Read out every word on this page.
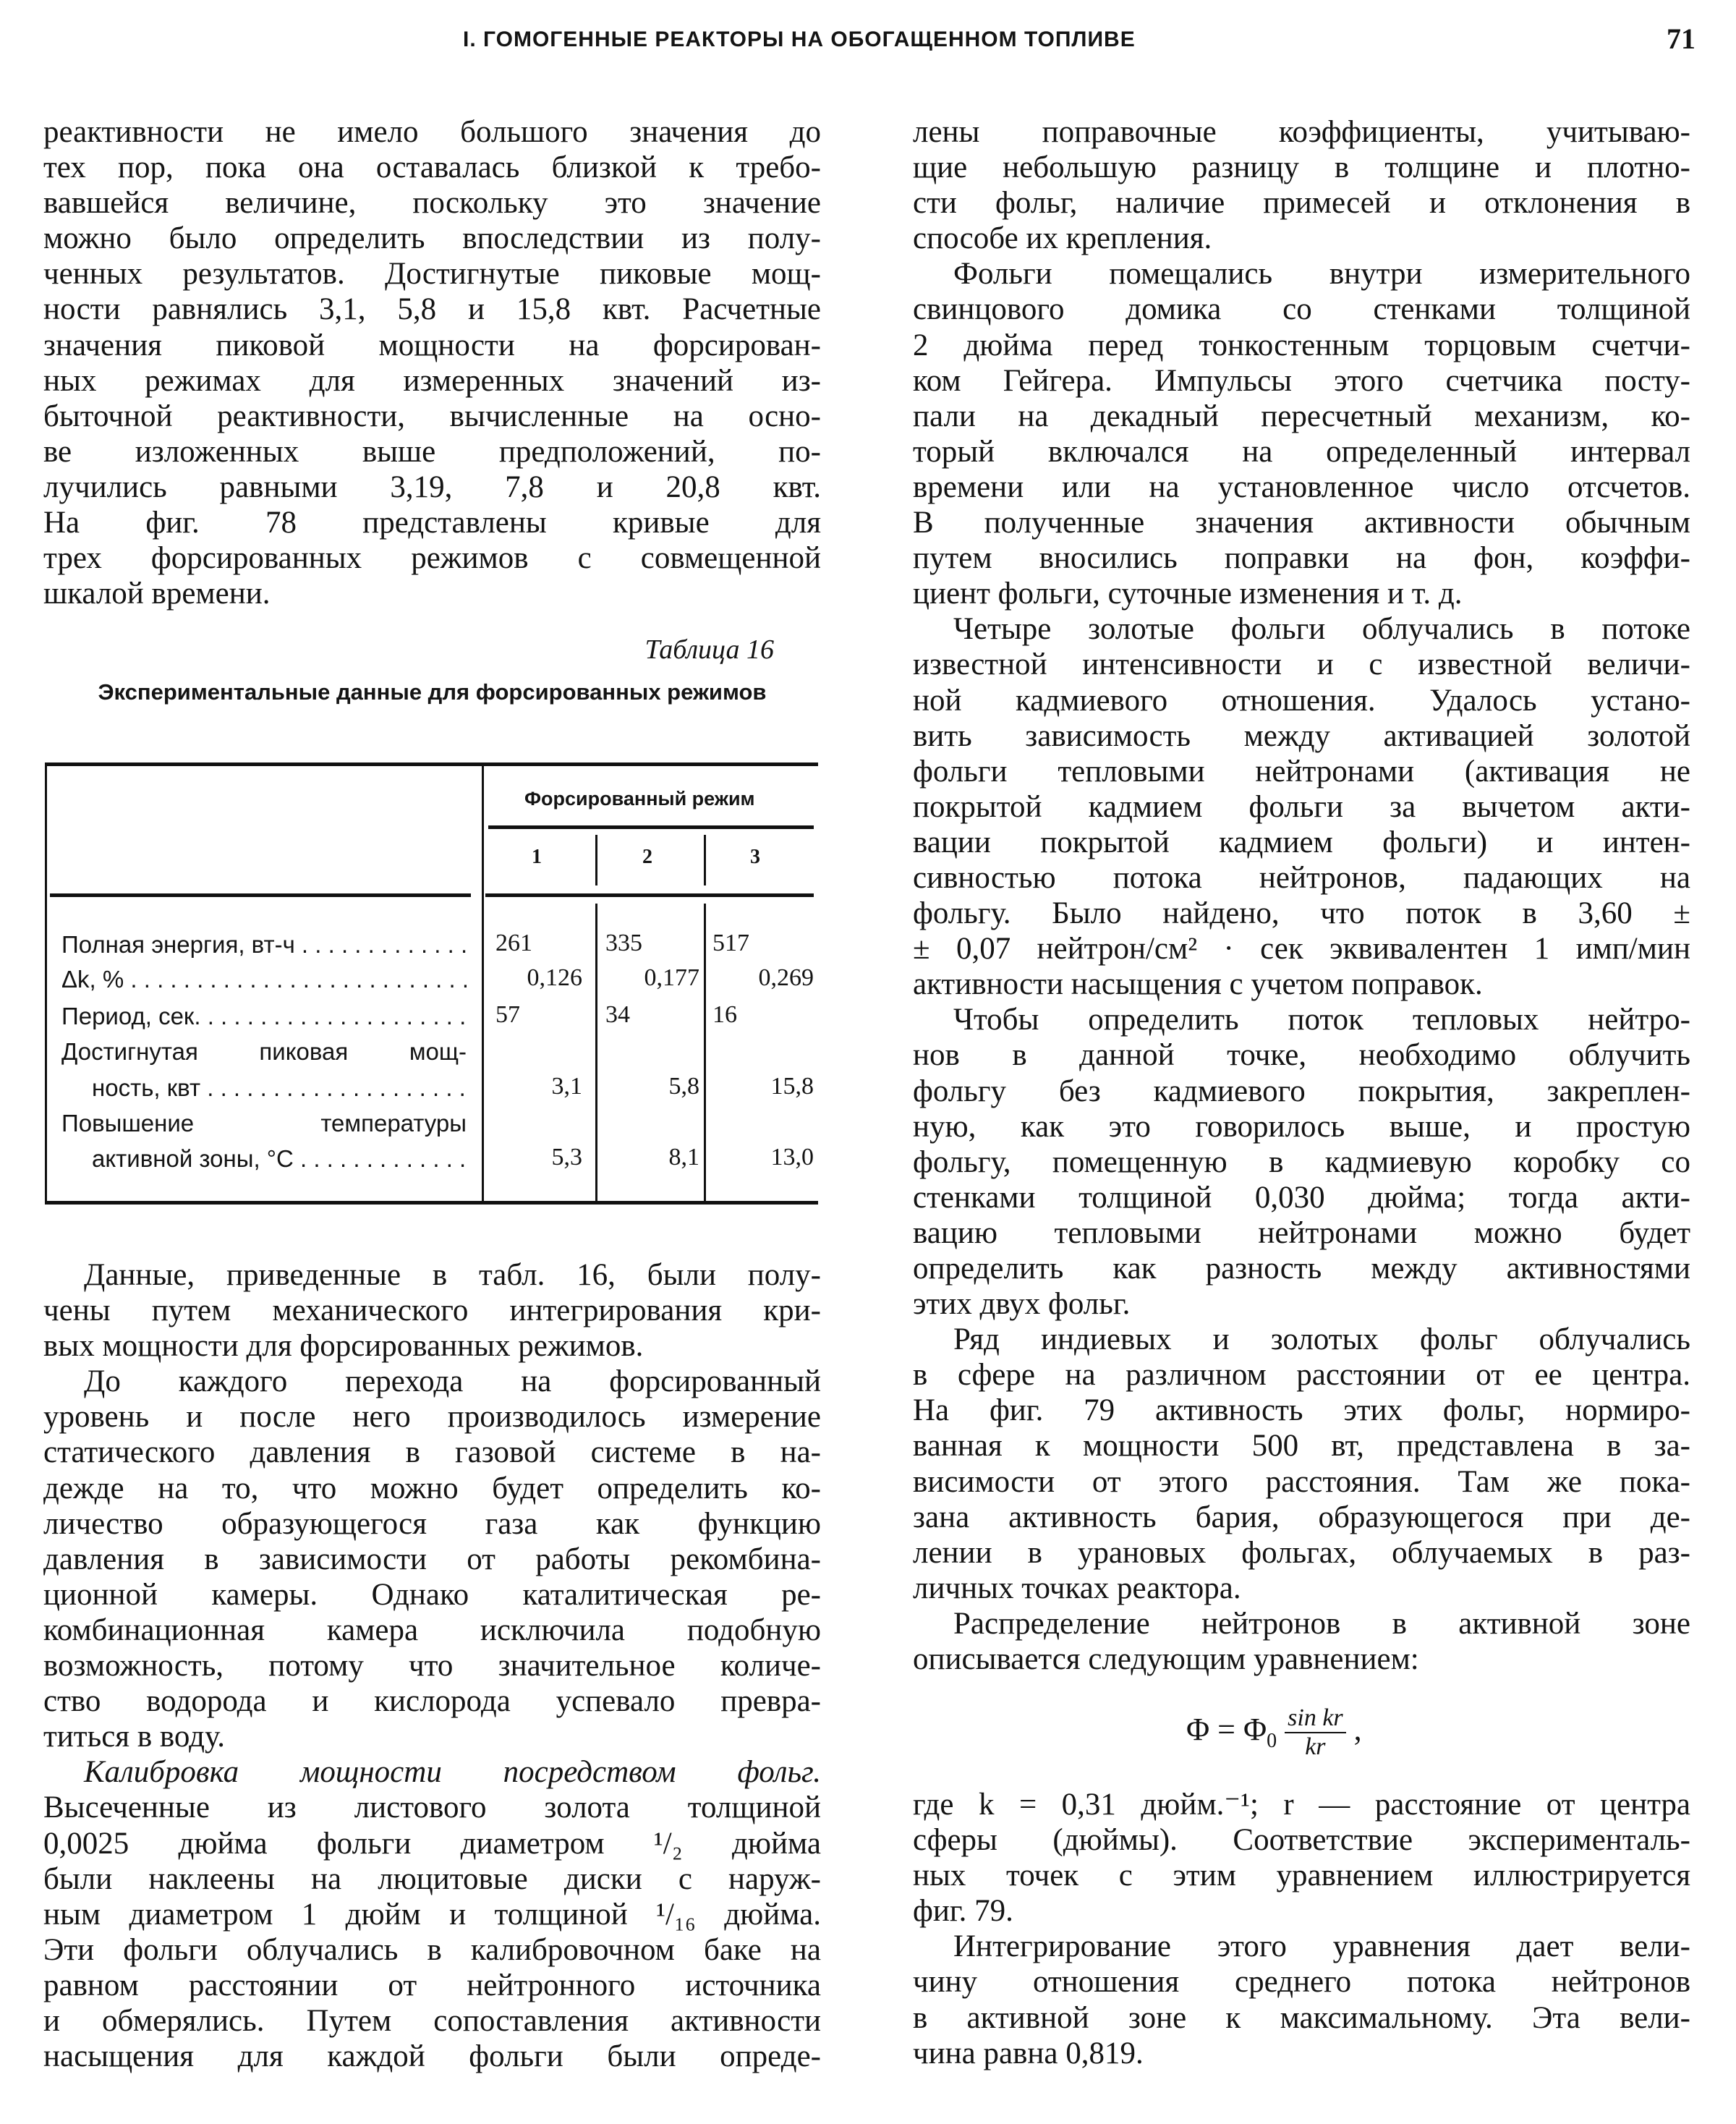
I. ГОМОГЕННЫЕ РЕАКТОРЫ НА ОБОГАЩЕННОМ ТОПЛИВЕ	71
реактивности не имело большого значения до
тех пор, пока она оставалась близкой к требо-
вавшейся величине, поскольку это значение
можно было определить впоследствии из полу-
ченных результатов. Достигнутые пиковые мощ-
ности равнялись 3,1, 5,8 и 15,8 квт. Расчетные
значения пиковой мощности на форсирован-
ных режимах для измеренных значений из-
быточной реактивности, вычисленные на осно-
ве изложенных выше предположений, по-
лучились равными 3,19, 7,8 и 20,8 квт.
На фиг. 78 представлены кривые для
трех форсированных режимов с совмещенной
шкалой времени.
Таблица 16
Экспериментальные данные для форсированных режимов
Форсированный режим
1	2	3
Полная энергия, вт-ч . . .	261	335	517
Δk, % . . .	0,126	0,177	0,269
Период, сек. . . .	57	34	16
Достигнутая пиковая мощ-
ность, квт . . .	3,1	5,8	15,8
Повышение температуры
активной зоны, °С . . .	5,3	8,1	13,0
Данные, приведенные в табл. 16, были полу-
чены путем механического интегрирования кри-
вых мощности для форсированных режимов.
До каждого перехода на форсированный
уровень и после него производилось измерение
статического давления в газовой системе в на-
дежде на то, что можно будет определить ко-
личество образующегося газа как функцию
давления в зависимости от работы рекомбина-
ционной камеры. Однако каталитическая ре-
комбинационная камера исключила подобную
возможность, потому что значительное количе-
ство водорода и кислорода успевало превра-
титься в воду.
Калибровка мощности посредством фольг.
Высеченные из листового золота толщиной
0,0025 дюйма фольги диаметром ¹/₂ дюйма
были наклеены на люцитовые диски с наруж-
ным диаметром 1 дюйм и толщиной ¹/₁₆ дюйма.
Эти фольги облучались в калибровочном баке на
равном расстоянии от нейтронного источника
и обмерялись. Путем сопоставления активности
насыщения для каждой фольги были опреде-
лены поправочные коэффициенты, учитываю-
щие небольшую разницу в толщине и плотно-
сти фольг, наличие примесей и отклонения в
способе их крепления.
Фольги помещались внутри измерительного
свинцового домика со стенками толщиной
2 дюйма перед тонкостенным торцовым счетчи-
ком Гейгера. Импульсы этого счетчика посту-
пали на декадный пересчетный механизм, ко-
торый включался на определенный интервал
времени или на установленное число отсчетов.
В полученные значения активности обычным
путем вносились поправки на фон, коэффи-
циент фольги, суточные изменения и т. д.
Четыре золотые фольги облучались в потоке
известной интенсивности и с известной величи-
ной кадмиевого отношения. Удалось устано-
вить зависимость между активацией золотой
фольги тепловыми нейтронами (активация не
покрытой кадмием фольги за вычетом акти-
вации покрытой кадмием фольги) и интен-
сивностью потока нейтронов, падающих на
фольгу. Было найдено, что поток в 3,60 ±
± 0,07 нейтрон/см² · сек эквивалентен 1 имп/мин
активности насыщения с учетом поправок.
Чтобы определить поток тепловых нейтро-
нов в данной точке, необходимо облучить
фольгу без кадмиевого покрытия, закреплен-
ную, как это говорилось выше, и простую
фольгу, помещенную в кадмиевую коробку со
стенками толщиной 0,030 дюйма; тогда акти-
вацию тепловыми нейтронами можно будет
определить как разность между активностями
этих двух фольг.
Ряд индиевых и золотых фольг облучались
в сфере на различном расстоянии от ее центра.
На фиг. 79 активность этих фольг, нормиро-
ванная к мощности 500 вт, представлена в за-
висимости от этого расстояния. Там же пока-
зана активность бария, образующегося при де-
лении в урановых фольгах, облучаемых в раз-
личных точках реактора.
Распределение нейтронов в активной зоне
описывается следующим уравнением:
$\Phi = \Phi_0 \frac{\text{sin kr}}{kr}$ ,
где k = 0,31 дюйм.⁻¹; r — расстояние от центра
сферы (дюймы). Соответствие эксперименталь-
ных точек с этим уравнением иллюстрируется
фиг. 79.
Интегрирование этого уравнения дает вели-
чину отношения среднего потока нейтронов
в активной зоне к максимальному. Эта вели-
чина равна 0,819.
